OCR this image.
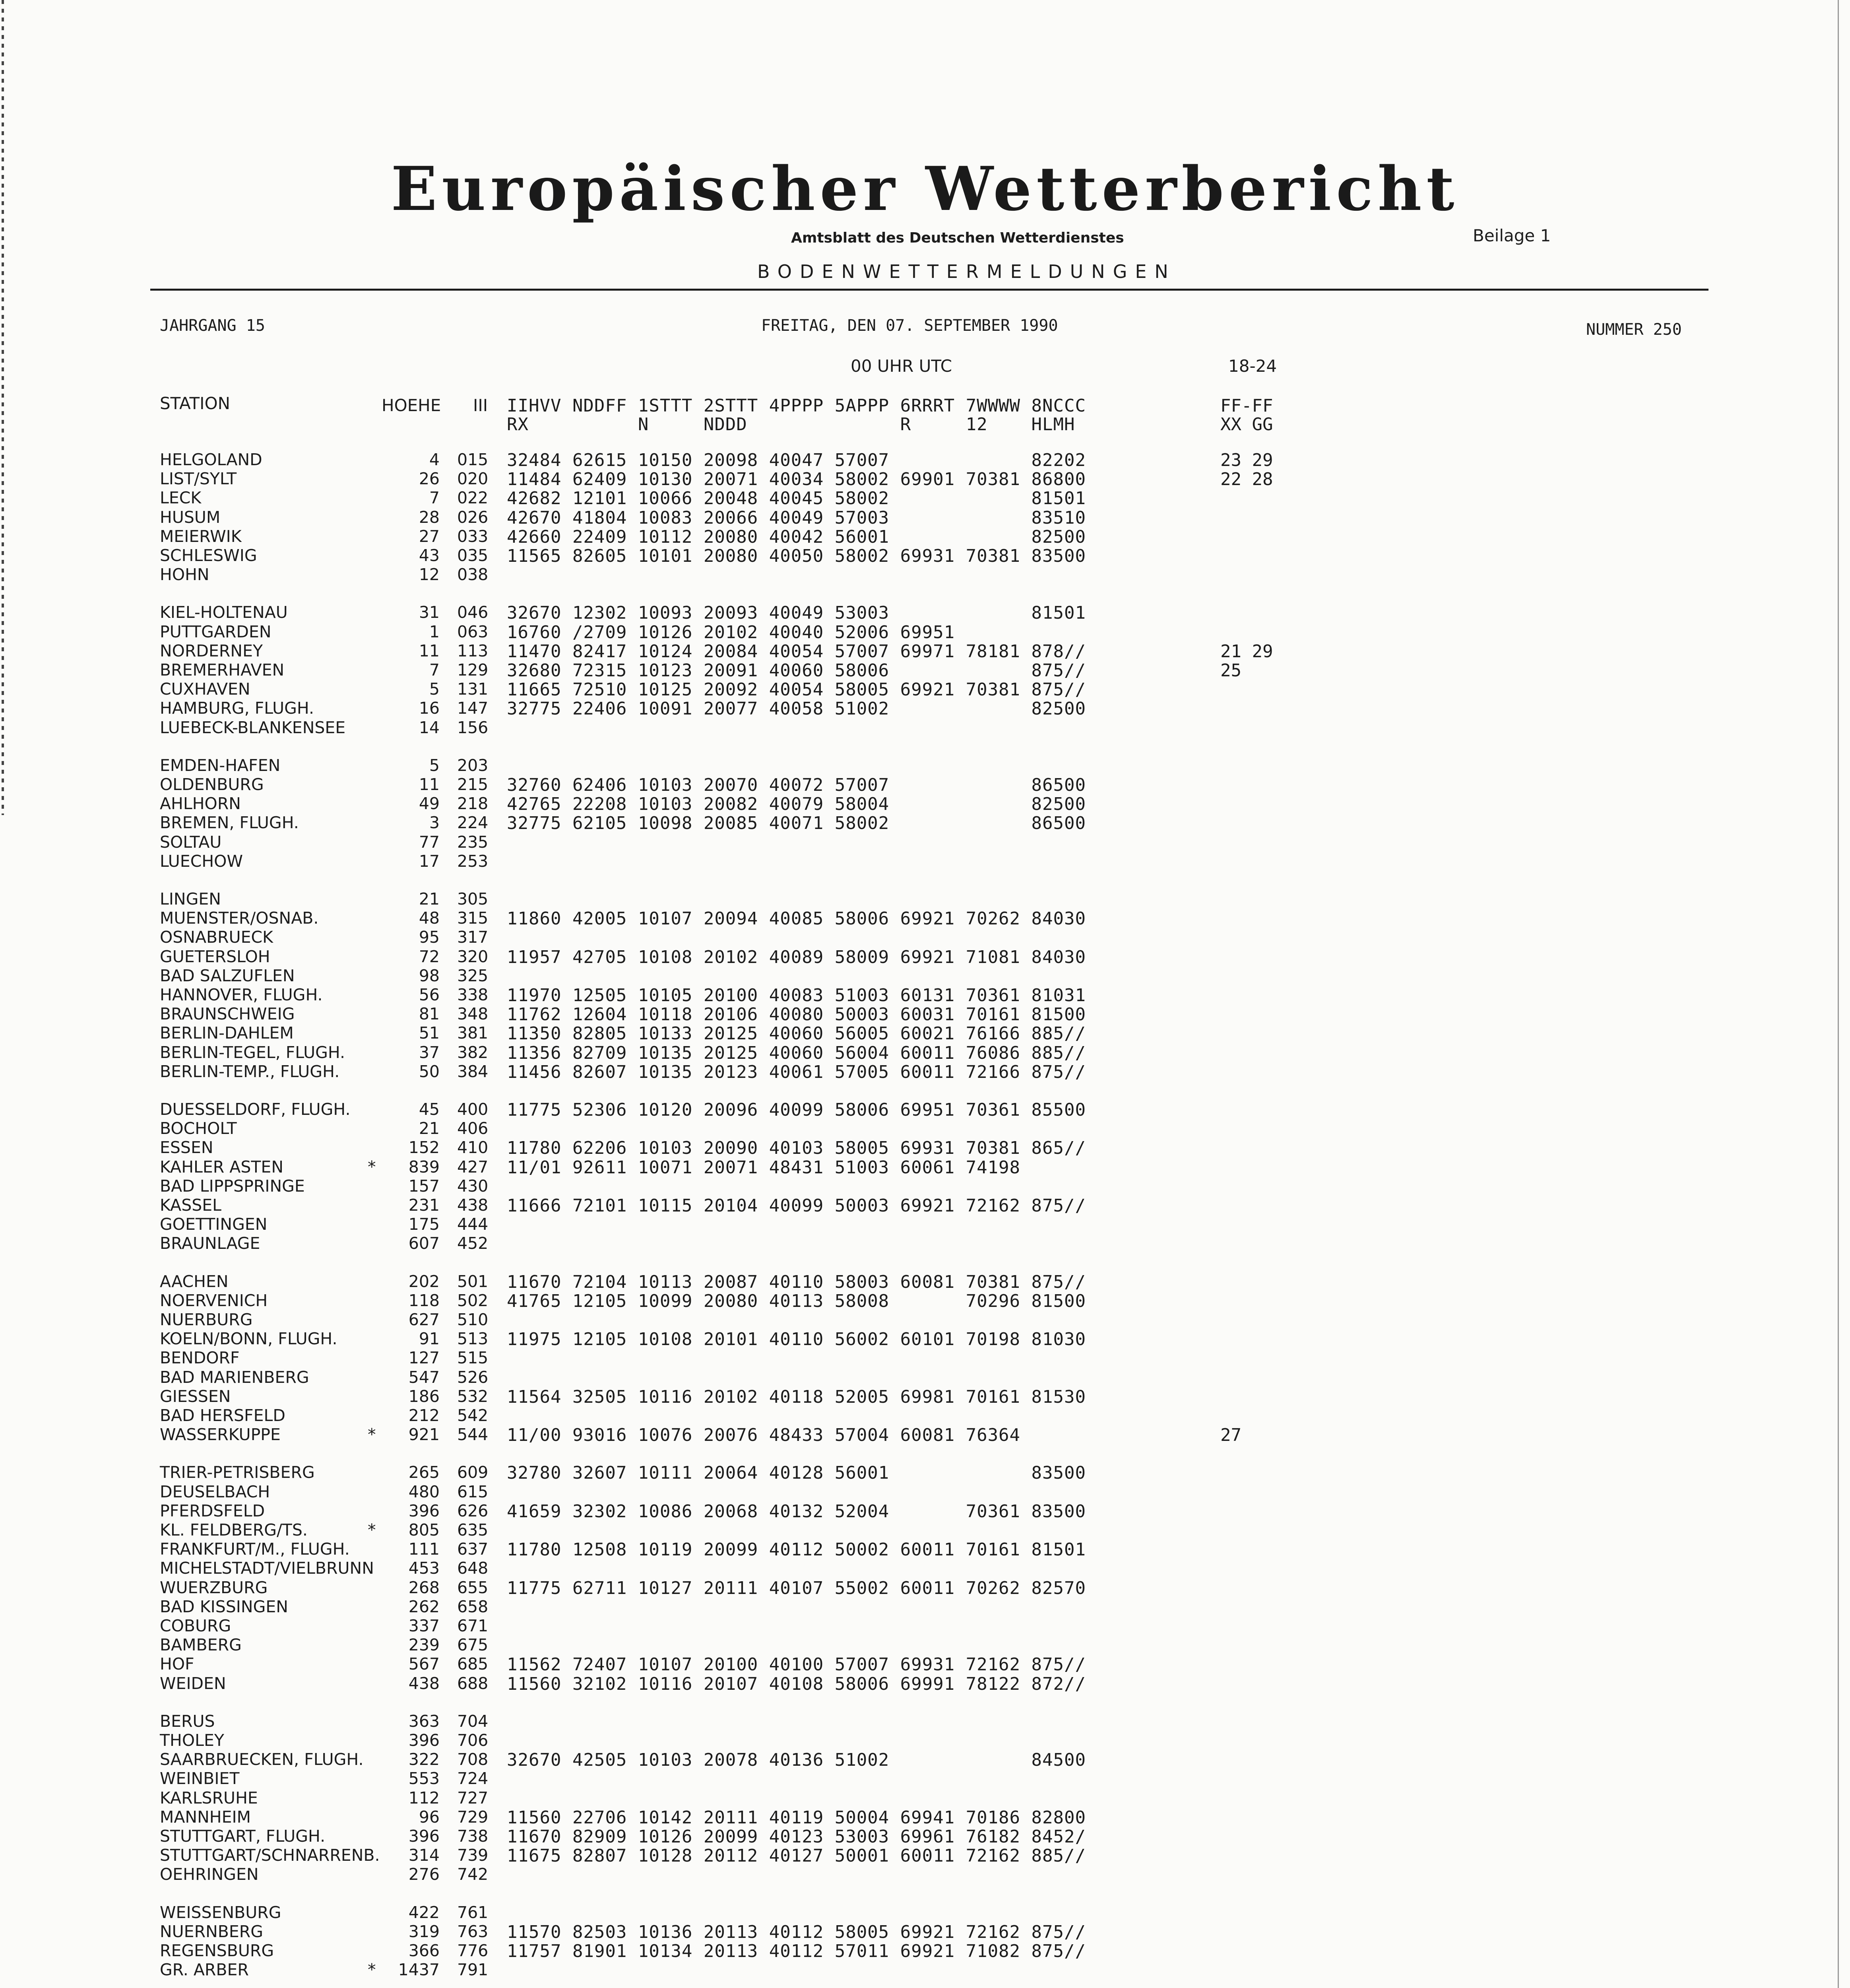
Europäischer Wetterbericht
Amtsblatt des Deutschen Wetterdienstes	Beilage 1
BODENWETTERMELDUNGEN
JAHRGANG 15	FREITAG, DEN 07. SEPTEMBER 1990	NUMMER 250
00 UHR UTC	18-24
STATION	HOEHE III IIHVV NDDFF 1STTT 2STTT 4PPPP 5APPP 6RRRT 7WWWW 8NCCC
RX          N     NDDD              R     12    HLMH
FF-FF
XX GG
HELGOLAND	4 015 32484 62615 10150 20098 40047 57007             82202	23 29
LIST/SYLT	26 020 11484 62409 10130 20071 40034 58002 69901 70381 86800	22 28
LECK	7 022 42682 12101 10066 20048 40045 58002             81501
HUSUM	28 026 42670 41804 10083 20066 40049 57003             83510
MEIERWIK	27 033 42660 22409 10112 20080 40042 56001             82500
SCHLESWIG	43 035 11565 82605 10101 20080 40050 58002 69931 70381 83500
HOHN	12 038
KIEL-HOLTENAU	31 046 32670 12302 10093 20093 40049 53003             81501
PUTTGARDEN	1 063 16760 /2709 10126 20102 40040 52006 69951
NORDERNEY	11 113 11470 82417 10124 20084 40054 57007 69971 78181 878//	21 29
BREMERHAVEN	7 129 32680 72315 10123 20091 40060 58006             875//	25
CUXHAVEN	5 131 11665 72510 10125 20092 40054 58005 69921 70381 875//
HAMBURG, FLUGH.	16 147 32775 22406 10091 20077 40058 51002             82500
LUEBECK-BLANKENSEE	14 156
EMDEN-HAFEN	5 203
OLDENBURG	11 215 32760 62406 10103 20070 40072 57007             86500
AHLHORN	49 218 42765 22208 10103 20082 40079 58004             82500
BREMEN, FLUGH.	3 224 32775 62105 10098 20085 40071 58002             86500
SOLTAU	77 235
LUECHOW	17 253
LINGEN	21 305
MUENSTER/OSNAB.	48 315 11860 42005 10107 20094 40085 58006 69921 70262 84030
OSNABRUECK	95 317
GUETERSLOH	72 320 11957 42705 10108 20102 40089 58009 69921 71081 84030
BAD SALZUFLEN	98 325
HANNOVER, FLUGH.	56 338 11970 12505 10105 20100 40083 51003 60131 70361 81031
BRAUNSCHWEIG	81 348 11762 12604 10118 20106 40080 50003 60031 70161 81500
BERLIN-DAHLEM	51 381 11350 82805 10133 20125 40060 56005 60021 76166 885//
BERLIN-TEGEL, FLUGH.	37 382 11356 82709 10135 20125 40060 56004 60011 76086 885//
BERLIN-TEMP., FLUGH.	50 384 11456 82607 10135 20123 40061 57005 60011 72166 875//
DUESSELDORF, FLUGH.	45 400 11775 52306 10120 20096 40099 58006 69951 70361 85500
BOCHOLT	21 406
ESSEN	152 410 11780 62206 10103 20090 40103 58005 69931 70381 865//
KAHLER ASTEN	*	839 427 11/01 92611 10071 20071 48431 51003 60061 74198
BAD LIPPSPRINGE	157 430
KASSEL	231 438 11666 72101 10115 20104 40099 50003 69921 72162 875//
GOETTINGEN	175 444
BRAUNLAGE	607 452
AACHEN	202 501 11670 72104 10113 20087 40110 58003 60081 70381 875//
NOERVENICH	118 502 41765 12105 10099 20080 40113 58008       70296 81500
NUERBURG	627 510
KOELN/BONN, FLUGH.	91 513 11975 12105 10108 20101 40110 56002 60101 70198 81030
BENDORF	127 515
BAD MARIENBERG	547 526
GIESSEN	186 532 11564 32505 10116 20102 40118 52005 69981 70161 81530
BAD HERSFELD	212 542
WASSERKUPPE	*	921 544 11/00 93016 10076 20076 48433 57004 60081 76364	27
TRIER-PETRISBERG	265 609 32780 32607 10111 20064 40128 56001             83500
DEUSELBACH	480 615
PFERDSFELD	396 626 41659 32302 10086 20068 40132 52004       70361 83500
KL. FELDBERG/TS.	*	805 635
FRANKFURT/M., FLUGH.	111 637 11780 12508 10119 20099 40112 50002 60011 70161 81501
MICHELSTADT/VIELBRUNN	453 648
WUERZBURG	268 655 11775 62711 10127 20111 40107 55002 60011 70262 82570
BAD KISSINGEN	262 658
COBURG	337 671
BAMBERG	239 675
HOF	567 685 11562 72407 10107 20100 40100 57007 69931 72162 875//
WEIDEN	438 688 11560 32102 10116 20107 40108 58006 69991 78122 872//
BERUS	363 704
THOLEY	396 706
SAARBRUECKEN, FLUGH.	322 708 32670 42505 10103 20078 40136 51002             84500
WEINBIET	553 724
KARLSRUHE	112 727
MANNHEIM	96 729 11560 22706 10142 20111 40119 50004 69941 70186 82800
STUTTGART, FLUGH.	396 738 11670 82909 10126 20099 40123 53003 69961 76182 8452/
STUTTGART/SCHNARRENB.	314 739 11675 82807 10128 20112 40127 50001 60011 72162 885//
OEHRINGEN	276 742
WEISSENBURG	422 761
NUERNBERG	319 763 11570 82503 10136 20113 40112 58005 69921 72162 875//
REGENSBURG	366 776 11757 81901 10134 20113 40112 57011 69921 71082 875//
GR. ARBER	*	1437 791
